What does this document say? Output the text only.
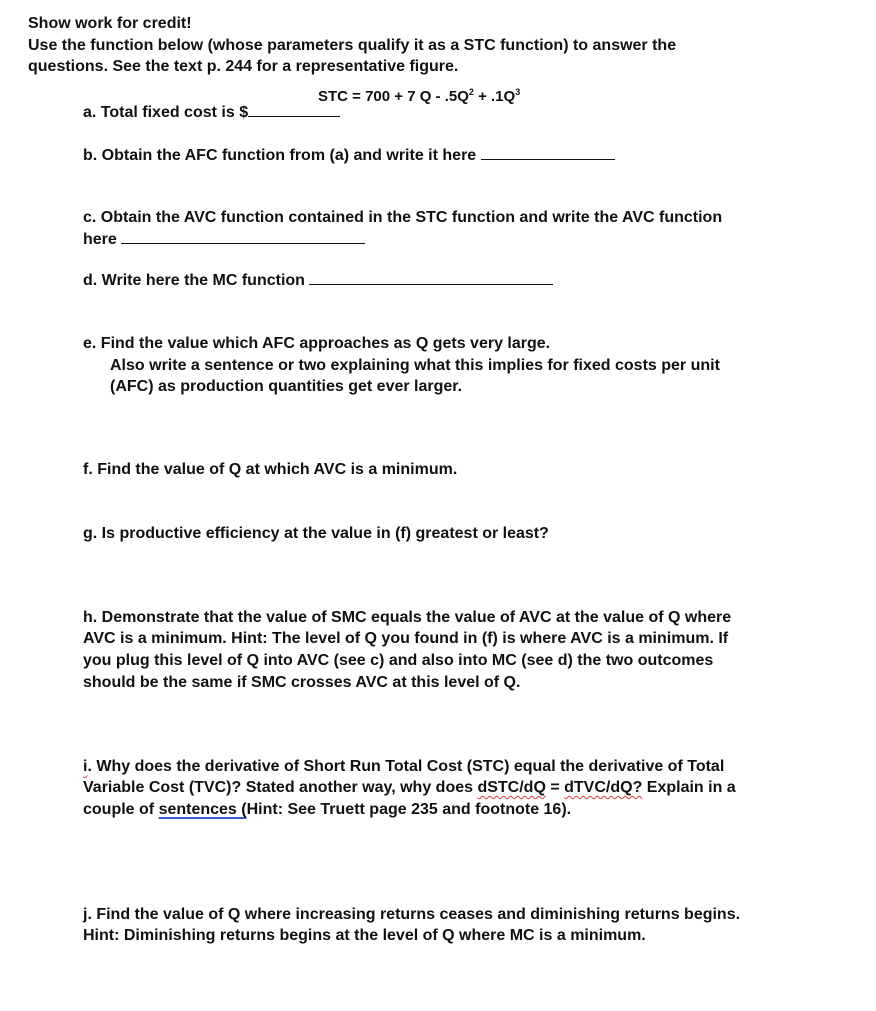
Show work for credit!
Use the function below (whose parameters qualify it as a STC function) to answer the
questions. See the text p. 244 for a representative figure.
STC = 700 + 7 $Q - .5Q^2 + .1Q^3$
a. Total fixed cost is $
b. Obtain the AFC function from (a) and write it here
c. Obtain the AVC function contained in the STC function and write the AVC function
here
d. Write here the MC function
e. Find the value which AFC approaches as Q gets very large.
Also write a sentence or two explaining what this implies for fixed costs per unit
(AFC) as production quantities get ever larger.
f. Find the value of Q at which AVC is a minimum.
g. Is productive efficiency at the value in (f) greatest or least?
h. Demonstrate that the value of SMC equals the value of AVC at the value of Q where
AVC is a minimum. Hint: The level of Q you found in (f) is where AVC is a minimum. If
you plug this level of Q into AVC (see c) and also into MC (see d) the two outcomes
should be the same if SMC crosses AVC at this level of Q.
i. Why does the derivative of Short Run Total Cost (STC) equal the derivative of Total
Variable Cost (TVC)? Stated another way, why does dSTC/dQ = dTVC/dQ? Explain in a
couple of sentences (Hint: See Truett page 235 and footnote 16).
j. Find the value of Q where increasing returns ceases and diminishing returns begins.
Hint: Diminishing returns begins at the level of Q where MC is a minimum.
